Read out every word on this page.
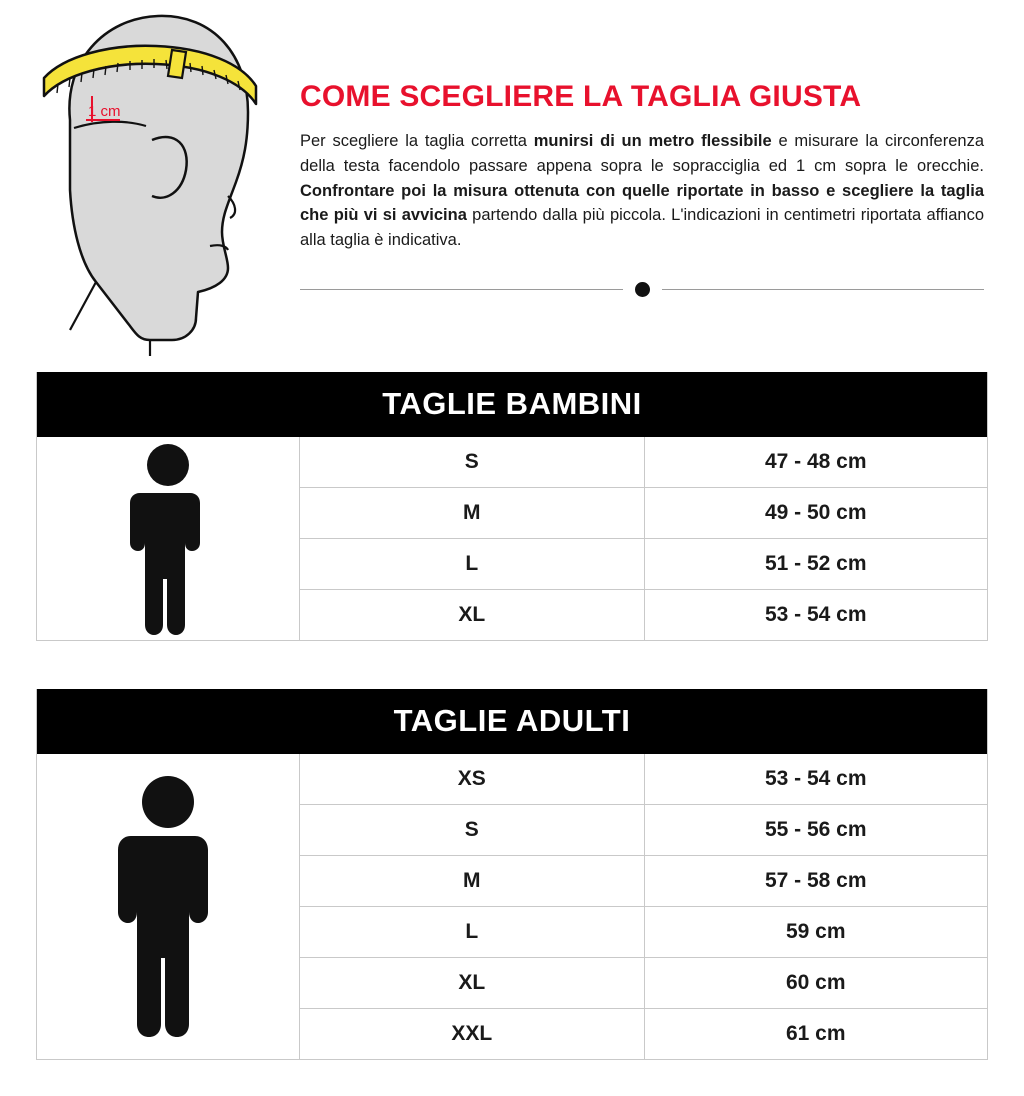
1 cm	COME SCEGLIERE LA TAGLIA GIUSTA

Per scegliere la taglia corretta munirsi di un metro flessibile e misurare la circonferenza della testa facendolo passare appena sopra le sopracciglia ed 1 cm sopra le orecchie. Confrontare poi la misura ottenuta con quelle riportate in basso e scegliere la taglia che più vi si avvicina partendo dalla più piccola. L'indicazioni in centimetri riportata affianco alla taglia è indicativa.

TAGLIE BAMBINI
S	47 - 48 cm
M	49 - 50 cm
L	51 - 52 cm
XL	53 - 54 cm
TAGLIE ADULTI
XS	53 - 54 cm
S	55 - 56 cm
M	57 - 58 cm
L	59 cm
XL	60 cm
XXL	61 cm
